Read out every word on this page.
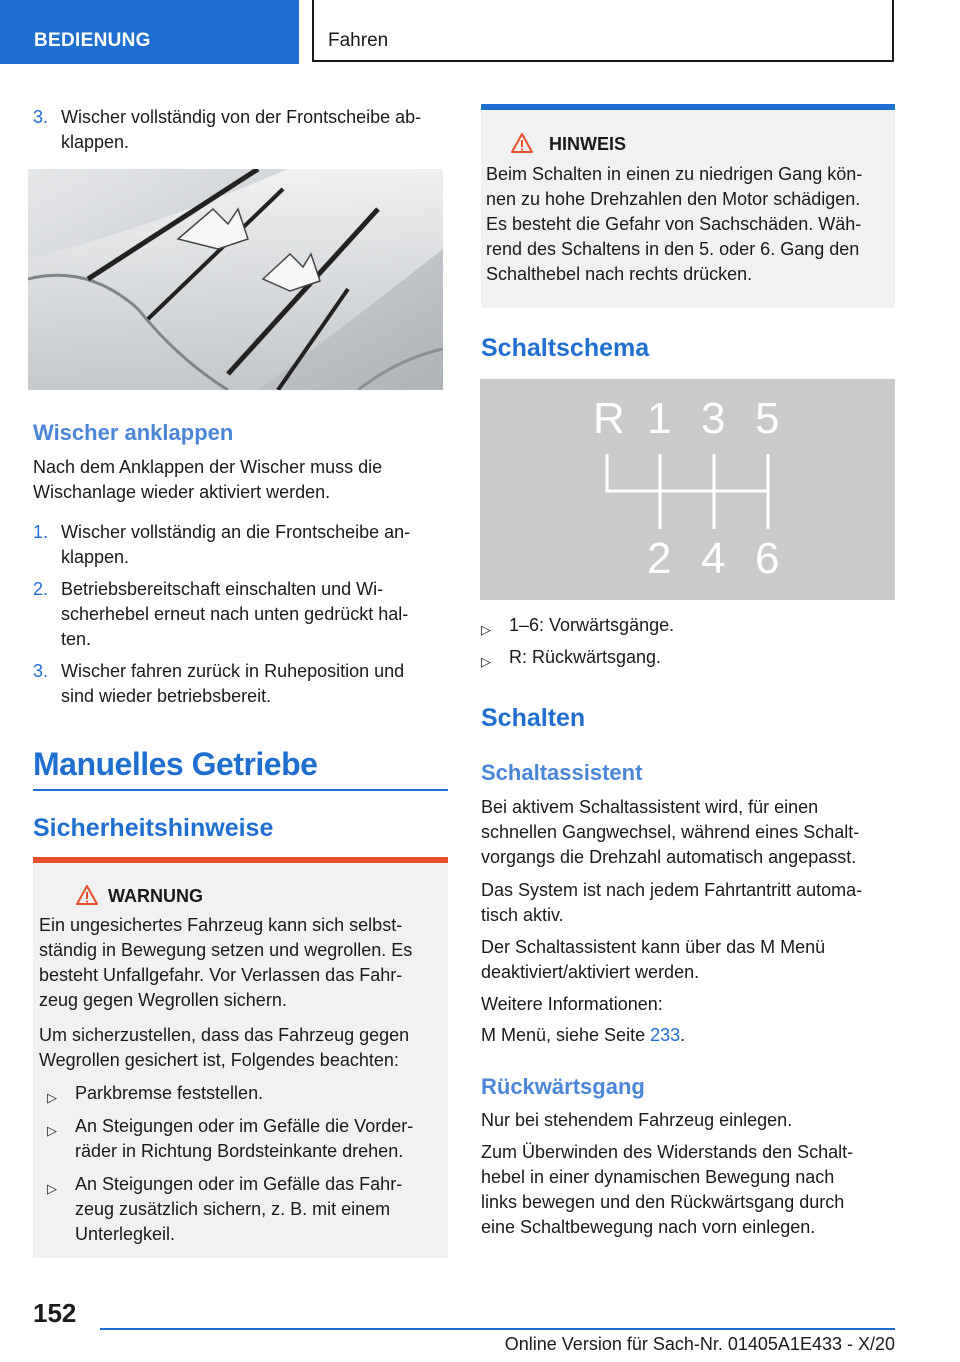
BEDIENUNG	Fahren
3. Wischer vollständig von der Frontscheibe ab-
klappen.
Wischer anklappen
Nach dem Anklappen der Wischer muss die
Wischanlage wieder aktiviert werden.
1. Wischer vollständig an die Frontscheibe an-
klappen.
2. Betriebsbereitschaft einschalten und Wi-
scherhebel erneut nach unten gedrückt hal-
ten.
3. Wischer fahren zurück in Ruheposition und
sind wieder betriebsbereit.
Manuelles Getriebe
Sicherheitshinweise
WARNUNG
Ein ungesichertes Fahrzeug kann sich selbst-
ständig in Bewegung setzen und wegrollen. Es
besteht Unfallgefahr. Vor Verlassen das Fahr-
zeug gegen Wegrollen sichern.
Um sicherzustellen, dass das Fahrzeug gegen
Wegrollen gesichert ist, Folgendes beachten:
▷ Parkbremse feststellen.
▷ An Steigungen oder im Gefälle die Vorder-
räder in Richtung Bordsteinkante drehen.
▷ An Steigungen oder im Gefälle das Fahr-
zeug zusätzlich sichern, z. B. mit einem
Unterlegkeil.
HINWEIS
Beim Schalten in einen zu niedrigen Gang kön-
nen zu hohe Drehzahlen den Motor schädigen.
Es besteht die Gefahr von Sachschäden. Wäh-
rend des Schaltens in den 5. oder 6. Gang den
Schalthebel nach rechts drücken.
Schaltschema
R 1 3 5
2 4 6
▷ 1–6: Vorwärtsgänge.
▷ R: Rückwärtsgang.
Schalten
Schaltassistent
Bei aktivem Schaltassistent wird, für einen
schnellen Gangwechsel, während eines Schalt-
vorgangs die Drehzahl automatisch angepasst.
Das System ist nach jedem Fahrtantritt automa-
tisch aktiv.
Der Schaltassistent kann über das M Menü
deaktiviert/aktiviert werden.
Weitere Informationen:
M Menü, siehe Seite 233.
Rückwärtsgang
Nur bei stehendem Fahrzeug einlegen.
Zum Überwinden des Widerstands den Schalt-
hebel in einer dynamischen Bewegung nach
links bewegen und den Rückwärtsgang durch
eine Schaltbewegung nach vorn einlegen.
152
Online Version für Sach-Nr. 01405A1E433 - X/20
